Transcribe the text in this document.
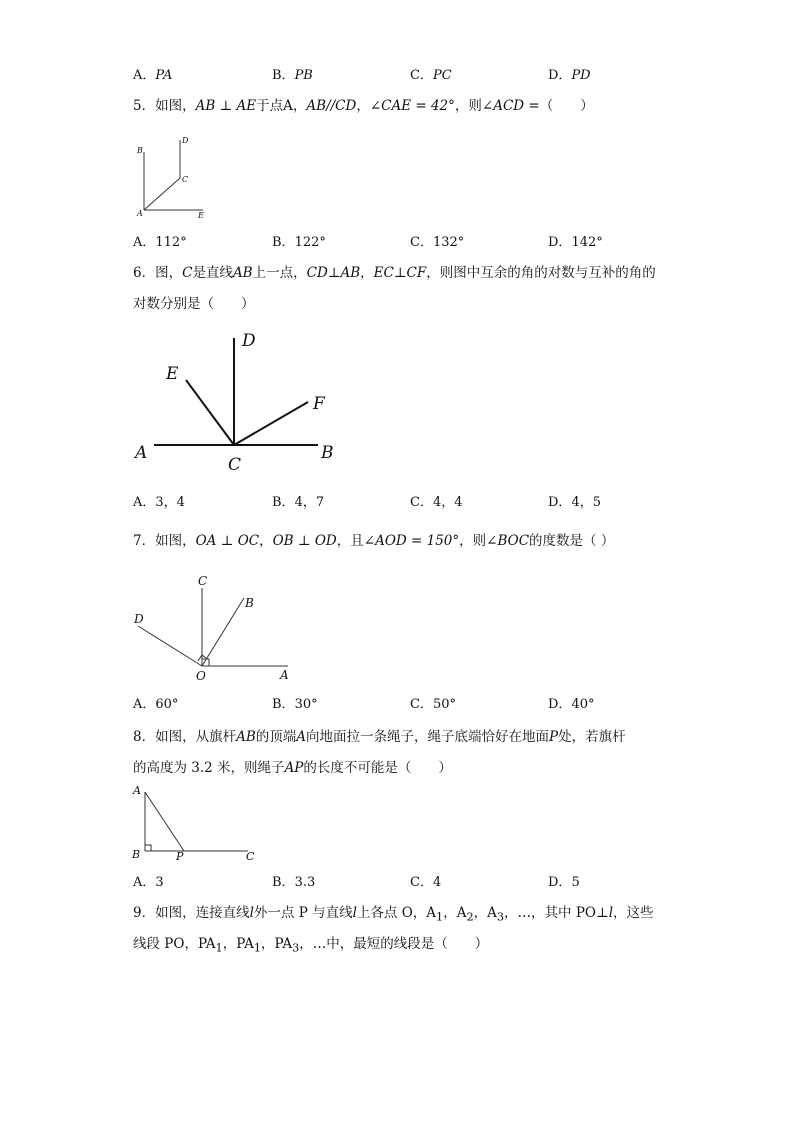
A．PA	B．PB	C．PC	D．PD
5．如图，AB ⊥ AE于点A，AB//CD，∠CAE = 42°，则∠ACD =（　　）
B
D
C
A	E
A．112°	B．122°	C．132°	D．142°
6．图，C是直线AB上一点，CD⊥AB，EC⊥CF，则图中互余的角的对数与互补的角的
对数分别是（　　）
D
E
F
A
C
B
A．3，4	B．4，7	C．4，4	D．4，5
7．如图，OA ⊥ OC，OB ⊥ OD，且∠AOD = 150°，则∠BOC的度数是（ ）
C
B
D
O	A
A．60°	B．30°	C．50°	D．40°
8．如图，从旗杆AB的顶端A向地面拉一条绳子，绳子底端恰好在地面P处，若旗杆
的高度为 3.2 米，则绳子AP的长度不可能是（　　）
A
B	P	C
A．3	B．3.3	C．4	D．5
9．如图，连接直线l外一点 P 与直线l上各点 O，$A_1$，$A_2$，$A_3$，…，其中 PO⊥l，这些
线段 PO，$PA_1$，$PA_1$，$PA_3$，…中，最短的线段是（　　）
